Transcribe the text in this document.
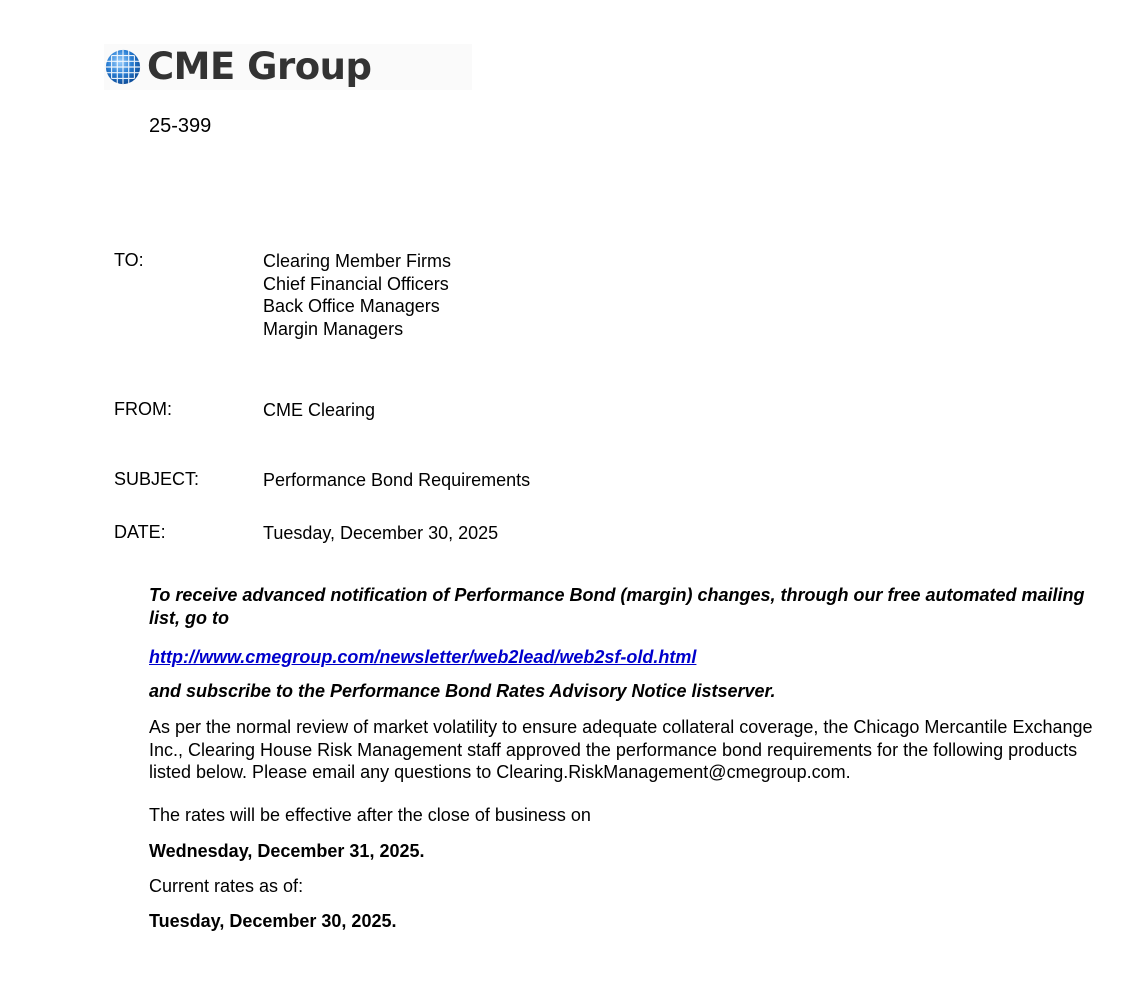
CME Group
25-399
TO:	Clearing Member Firms
Chief Financial Officers
Back Office Managers
Margin Managers
FROM:	CME Clearing
SUBJECT:	Performance Bond Requirements
DATE:	Tuesday, December 30, 2025
To receive advanced notification of Performance Bond (margin) changes, through our free automated mailing list, go to
http://www.cmegroup.com/newsletter/web2lead/web2sf-old.html
and subscribe to the Performance Bond Rates Advisory Notice listserver.
As per the normal review of market volatility to ensure adequate collateral coverage, the Chicago Mercantile Exchange Inc., Clearing House Risk Management staff approved the performance bond requirements for the following products listed below. Please email any questions to Clearing.RiskManagement@cmegroup.com.
The rates will be effective after the close of business on
Wednesday, December 31, 2025.
Current rates as of:
Tuesday, December 30, 2025.
